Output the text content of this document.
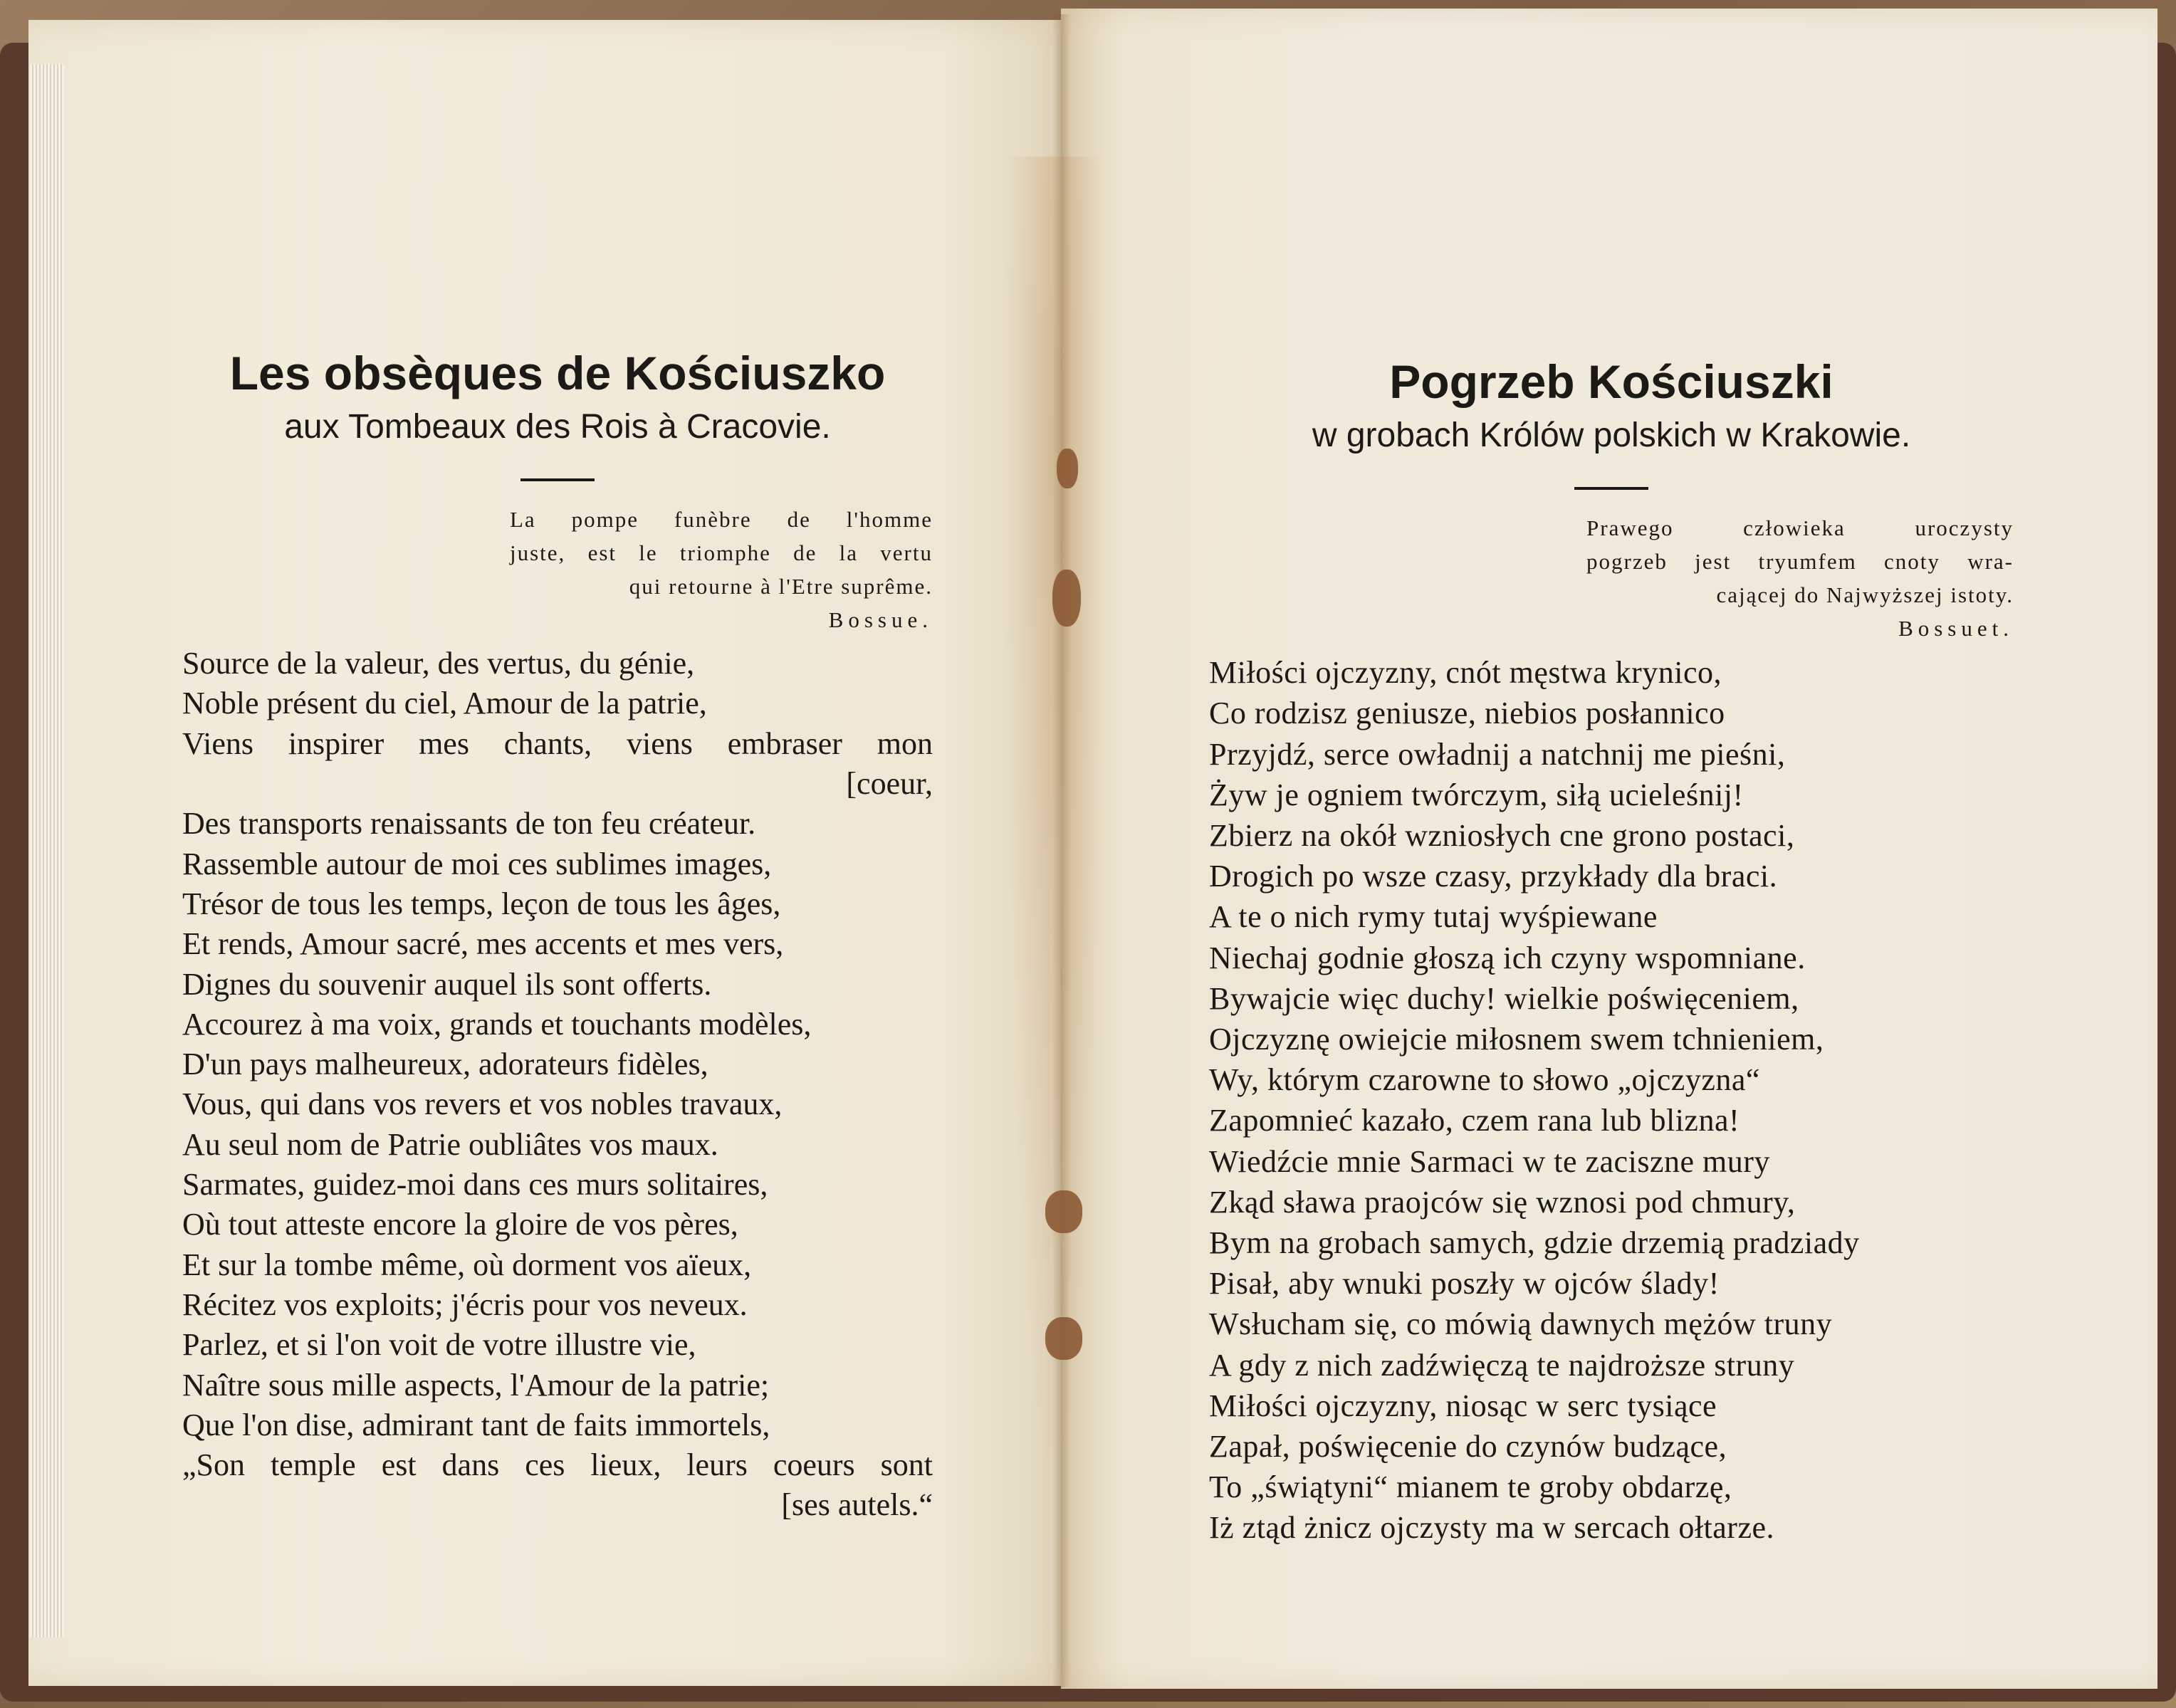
Les obsèques de Kościuszko
aux Tombeaux des Rois à Cracovie.
La pompe funèbre de l'homme
juste, est le triomphe de la vertu
qui retourne à l'Etre suprême.
Bossue.
Source de la valeur, des vertus, du génie,
Noble présent du ciel, Amour de la patrie,
Viens inspirer mes chants, viens embraser mon
[coeur,
Des transports renaissants de ton feu créateur.
Rassemble autour de moi ces sublimes images,
Trésor de tous les temps, leçon de tous les âges,
Et rends, Amour sacré, mes accents et mes vers,
Dignes du souvenir auquel ils sont offerts.
Accourez à ma voix, grands et touchants modèles,
D'un pays malheureux, adorateurs fidèles,
Vous, qui dans vos revers et vos nobles travaux,
Au seul nom de Patrie oubliâtes vos maux.
Sarmates, guidez-moi dans ces murs solitaires,
Où tout atteste encore la gloire de vos pères,
Et sur la tombe même, où dorment vos aïeux,
Récitez vos exploits; j'écris pour vos neveux.
Parlez, et si l'on voit de votre illustre vie,
Naître sous mille aspects, l'Amour de la patrie;
Que l'on dise, admirant tant de faits immortels,
„Son temple est dans ces lieux, leurs coeurs sont
[ses autels.“
Pogrzeb Kościuszki
w grobach Królów polskich w Krakowie.
Prawego człowieka uroczysty
pogrzeb jest tryumfem cnoty wra-
cającej do Najwyższej istoty.
Bossuet.
Miłości ojczyzny, cnót męstwa krynico,
Co rodzisz geniusze, niebios posłannico
Przyjdź, serce owładnij a natchnij me pieśni,
Żyw je ogniem twórczym, siłą ucieleśnij!
Zbierz na okół wzniosłych cne grono postaci,
Drogich po wsze czasy, przykłady dla braci.
A te o nich rymy tutaj wyśpiewane
Niechaj godnie głoszą ich czyny wspomniane.
Bywajcie więc duchy! wielkie poświęceniem,
Ojczyznę owiejcie miłosnem swem tchnieniem,
Wy, którym czarowne to słowo „ojczyzna“
Zapomnieć kazało, czem rana lub blizna!
Wiedźcie mnie Sarmaci w te zaciszne mury
Zkąd sława praojców się wznosi pod chmury,
Bym na grobach samych, gdzie drzemią pradziady
Pisał, aby wnuki poszły w ojców ślady!
Wsłucham się, co mówią dawnych mężów truny
A gdy z nich zadźwięczą te najdroższe struny
Miłości ojczyzny, niosąc w serc tysiące
Zapał, poświęcenie do czynów budzące,
To „świątyni“ mianem te groby obdarzę,
Iż ztąd żnicz ojczysty ma w sercach ołtarze.
